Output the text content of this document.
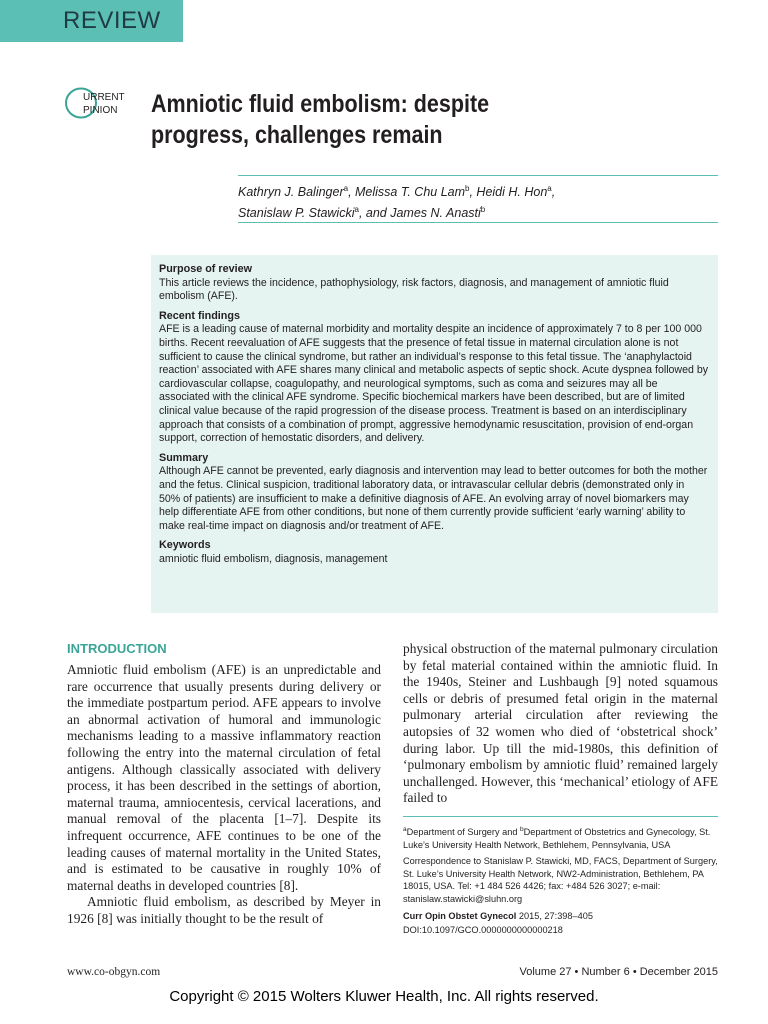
REVIEW
URRENT
PINION Amniotic fluid embolism: despite progress, challenges remain
Kathryn J. Balinger$^a$, Melissa T. Chu Lam$^b$, Heidi H. Hon$^a$,
Stanislaw P. Stawicki$^a$, and James N. Anasti$^b$
Purpose of review

This article reviews the incidence, pathophysiology, risk factors, diagnosis, and management of amniotic fluid embolism (AFE).

Recent findings

AFE is a leading cause of maternal morbidity and mortality despite an incidence of approximately 7 to 8 per 100 000 births. Recent reevaluation of AFE suggests that the presence of fetal tissue in maternal circulation alone is not sufficient to cause the clinical syndrome, but rather an individual’s response to this fetal tissue. The ‘anaphylactoid reaction’ associated with AFE shares many clinical and metabolic aspects of septic shock. Acute dyspnea followed by cardiovascular collapse, coagulopathy, and neurological symptoms, such as coma and seizures may all be associated with the clinical AFE syndrome. Specific biochemical markers have been described, but are of limited clinical value because of the rapid progression of the disease process. Treatment is based on an interdisciplinary approach that consists of a combination of prompt, aggressive hemodynamic resuscitation, provision of end-organ support, correction of hemostatic disorders, and delivery.

Summary

Although AFE cannot be prevented, early diagnosis and intervention may lead to better outcomes for both the mother and the fetus. Clinical suspicion, traditional laboratory data, or intravascular cellular debris (demonstrated only in 50% of patients) are insufficient to make a definitive diagnosis of AFE. An evolving array of novel biomarkers may help differentiate AFE from other conditions, but none of them currently provide sufficient ‘early warning’ ability to make real-time impact on diagnosis and/or treatment of AFE.

Keywords

amniotic fluid embolism, diagnosis, management

INTRODUCTION

Amniotic fluid embolism (AFE) is an unpredictable and rare occurrence that usually presents during delivery or the immediate postpartum period. AFE appears to involve an abnormal activation of humoral and immunologic mechanisms leading to a massive inflammatory reaction following the entry into the maternal circulation of fetal antigens. Although classically associated with delivery process, it has been described in the settings of abortion, maternal trauma, amniocentesis, cervical lacerations, and manual removal of the placenta [1–7]. Despite its infrequent occurrence, AFE continues to be one of the leading causes of maternal mortality in the United States, and is estimated to be causative in roughly 10% of maternal deaths in developed countries [8].

Amniotic fluid embolism, as described by Meyer in 1926 [8] was initially thought to be the result of

physical obstruction of the maternal pulmonary circulation by fetal material contained within the amniotic fluid. In the 1940s, Steiner and Lushbaugh [9] noted squamous cells or debris of presumed fetal origin in the maternal pulmonary arterial circulation after reviewing the autopsies of 32 women who died of ‘obstetrical shock’ during labor. Up till the mid-1980s, this definition of ‘pulmonary embolism by amniotic fluid’ remained largely unchallenged. However, this ‘mechanical’ etiology of AFE failed to

$^a$Department of Surgery and $^b$Department of Obstetrics and Gynecology, St. Luke’s University Health Network, Bethlehem, Pennsylvania, USA

Correspondence to Stanislaw P. Stawicki, MD, FACS, Department of Surgery, St. Luke’s University Health Network, NW2-Administration, Bethlehem, PA 18015, USA. Tel: +1 484 526 4426; fax: +484 526 3027; e-mail: stanislaw.stawicki@sluhn.org

Curr Opin Obstet Gynecol 2015, 27:398–405

DOI:10.1097/GCO.0000000000000218

www.co-obgyn.com	Volume 27 • Number 6 • December 2015
Copyright © 2015 Wolters Kluwer Health, Inc. All rights reserved.
